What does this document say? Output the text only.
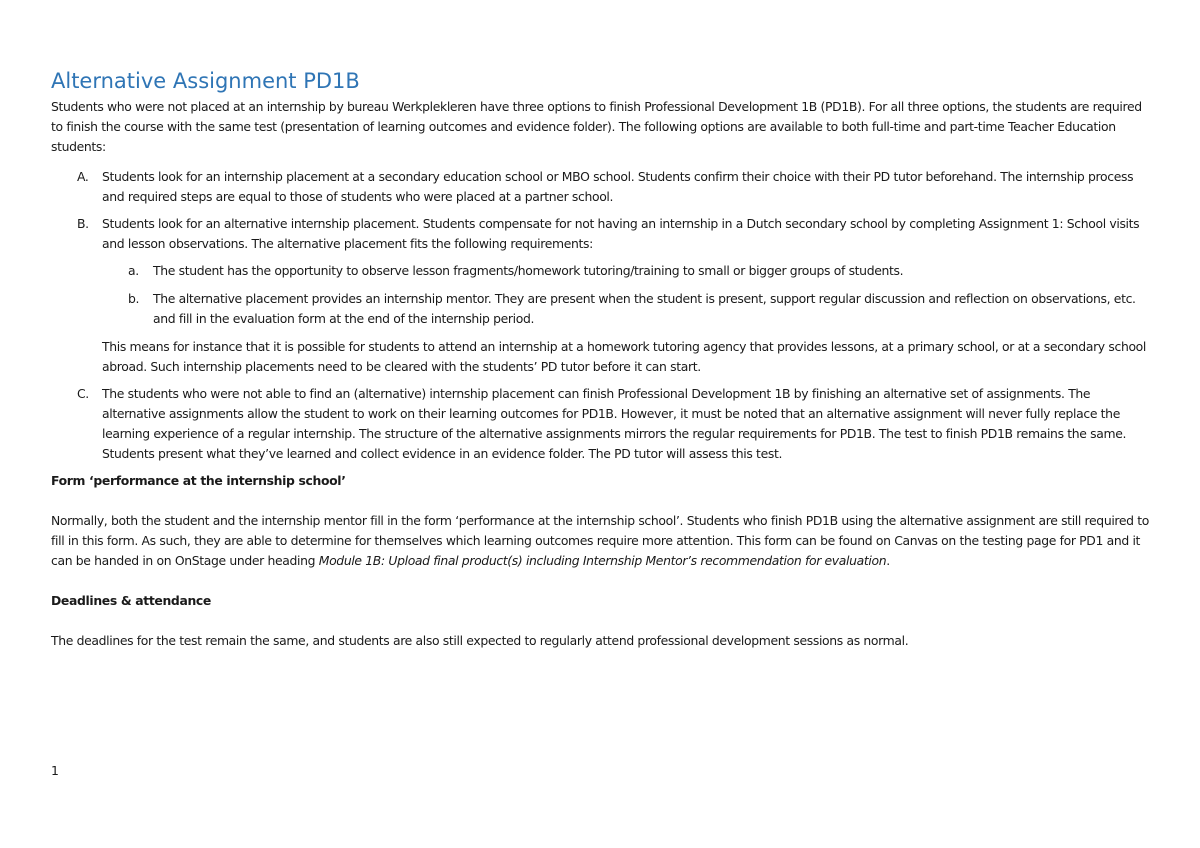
Alternative Assignment PD1B

Students who were not placed at an internship by bureau Werkplekleren have three options to finish Professional Development 1B (PD1B). For all three options, the students are required to finish the course with the same test (presentation of learning outcomes and evidence folder). The following options are available to both full-time and part-time Teacher Education students:

A. Students look for an internship placement at a secondary education school or MBO school. Students confirm their choice with their PD tutor beforehand. The internship process and required steps are equal to those of students who were placed at a partner school.
B. Students look for an alternative internship placement. Students compensate for not having an internship in a Dutch secondary school by completing Assignment 1: School visits and lesson observations. The alternative placement fits the following requirements:
a. The student has the opportunity to observe lesson fragments/homework tutoring/training to small or bigger groups of students.
b. The alternative placement provides an internship mentor. They are present when the student is present, support regular discussion and reflection on observations, etc. and fill in the evaluation form at the end of the internship period.

This means for instance that it is possible for students to attend an internship at a homework tutoring agency that provides lessons, at a primary school, or at a secondary school abroad. Such internship placements need to be cleared with the students’ PD tutor before it can start.

C. The students who were not able to find an (alternative) internship placement can finish Professional Development 1B by finishing an alternative set of assignments. The alternative assignments allow the student to work on their learning outcomes for PD1B. However, it must be noted that an alternative assignment will never fully replace the learning experience of a regular internship. The structure of the alternative assignments mirrors the regular requirements for PD1B. The test to finish PD1B remains the same. Students present what they’ve learned and collect evidence in an evidence folder. The PD tutor will assess this test.

Form ‘performance at the internship school’

Normally, both the student and the internship mentor fill in the form ‘performance at the internship school’. Students who finish PD1B using the alternative assignment are still required to fill in this form. As such, they are able to determine for themselves which learning outcomes require more attention. This form can be found on Canvas on the testing page for PD1 and it can be handed in on OnStage under heading Module 1B: Upload final product(s) including Internship Mentor’s recommendation for evaluation.

Deadlines & attendance

The deadlines for the test remain the same, and students are also still expected to regularly attend professional development sessions as normal.

1
